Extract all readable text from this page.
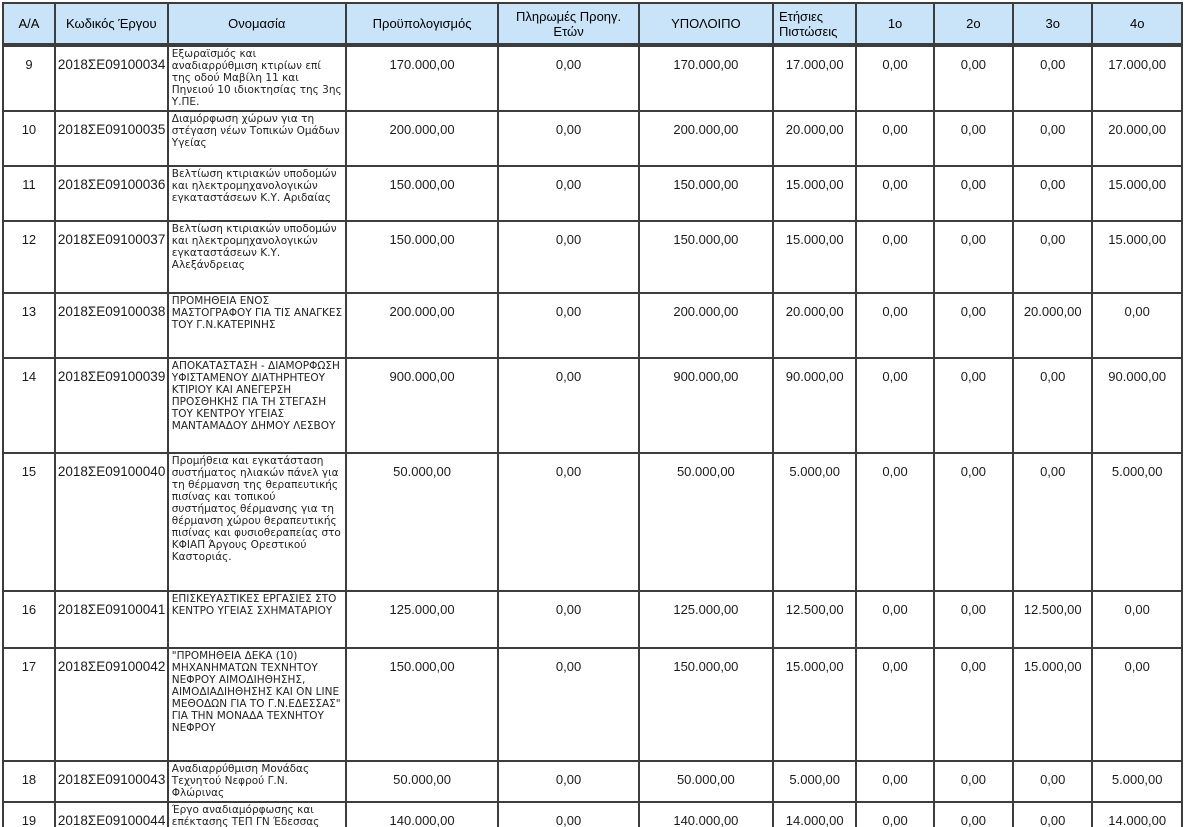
Α/Α	Κωδικός Έργου	Ονομασία	Προϋπολογισμός	Πληρωμές Προηγ. Ετών	ΥΠΟΛΟΙΠΟ	Ετήσιες Πιστώσεις	1ο	2ο	3ο	4ο
9	2018ΣΕ09100034	Εξωραϊσμός και αναδιαρρύθμιση κτιρίων επί της οδού Μαβίλη 11 και Πηνειού 10 ιδιοκτησίας της 3ης Υ.ΠΕ.	170.000,00	0,00	170.000,00	17.000,00	0,00	0,00	0,00	17.000,00
10	2018ΣΕ09100035	Διαμόρφωση χώρων για τη στέγαση νέων Τοπικών Ομάδων Υγείας	200.000,00	0,00	200.000,00	20.000,00	0,00	0,00	0,00	20.000,00
11	2018ΣΕ09100036	Βελτίωση κτιριακών υποδομών και ηλεκτρομηχανολογικών εγκαταστάσεων Κ.Υ. Αριδαίας	150.000,00	0,00	150.000,00	15.000,00	0,00	0,00	0,00	15.000,00
12	2018ΣΕ09100037	Βελτίωση κτιριακών υποδομών και ηλεκτρομηχανολογικών εγκαταστάσεων Κ.Υ. Αλεξάνδρειας	150.000,00	0,00	150.000,00	15.000,00	0,00	0,00	0,00	15.000,00
13	2018ΣΕ09100038	ΠΡΟΜΗΘΕΙΑ ΕΝΟΣ ΜΑΣΤΟΓΡΑΦΟΥ ΓΙΑ ΤΙΣ ΑΝΑΓΚΕΣ ΤΟΥ Γ.Ν.ΚΑΤΕΡΙΝΗΣ	200.000,00	0,00	200.000,00	20.000,00	0,00	0,00	20.000,00	0,00
14	2018ΣΕ09100039	ΑΠΟΚΑΤΑΣΤΑΣΗ - ΔΙΑΜΟΡΦΩΣΗ ΥΦΙΣΤΑΜΕΝΟΥ ΔΙΑΤΗΡΗΤΕΟΥ ΚΤΙΡΙΟΥ ΚΑΙ ΑΝΕΓΕΡΣΗ ΠΡΟΣΘΗΚΗΣ ΓΙΑ ΤΗ ΣΤΕΓΑΣΗ ΤΟΥ ΚΕΝΤΡΟΥ ΥΓΕΙΑΣ ΜΑΝΤΑΜΑΔΟΥ ΔΗΜΟΥ ΛΕΣΒΟΥ	900.000,00	0,00	900.000,00	90.000,00	0,00	0,00	0,00	90.000,00
15	2018ΣΕ09100040	Προμήθεια και εγκατάσταση συστήματος ηλιακών πάνελ για τη θέρμανση της θεραπευτικής πισίνας και τοπικού συστήματος θέρμανσης για τη θέρμανση χώρου θεραπευτικής πισίνας και φυσιοθεραπείας στο ΚΦΙΑΠ Άργους Ορεστικού Καστοριάς.	50.000,00	0,00	50.000,00	5.000,00	0,00	0,00	0,00	5.000,00
16	2018ΣΕ09100041	ΕΠΙΣΚΕΥΑΣΤΙΚΕΣ ΕΡΓΑΣΙΕΣ ΣΤΟ ΚΕΝΤΡΟ ΥΓΕΙΑΣ ΣΧΗΜΑΤΑΡΙΟΥ	125.000,00	0,00	125.000,00	12.500,00	0,00	0,00	12.500,00	0,00
17	2018ΣΕ09100042	"ΠΡΟΜΗΘΕΙΑ ΔΕΚΑ (10) ΜΗΧΑΝΗΜΑΤΩΝ ΤΕΧΝΗΤΟΥ ΝΕΦΡΟΥ ΑΙΜΟΔΙΗΘΗΣΗΣ, ΑΙΜΟΔΙΑΔΙΗΘΗΣΗΣ ΚΑΙ ΟΝ LINE ΜΕΘΟΔΩΝ ΓΙΑ ΤΟ Γ.Ν.ΕΔΕΣΣΑΣ" ΓΙΑ ΤΗΝ ΜΟΝΑΔΑ ΤΕΧΝΗΤΟΥ ΝΕΦΡΟΥ	150.000,00	0,00	150.000,00	15.000,00	0,00	0,00	15.000,00	0,00
18	2018ΣΕ09100043	Αναδιαρρύθμιση Μονάδας Τεχνητού Νεφρού Γ.Ν. Φλώρινας	50.000,00	0,00	50.000,00	5.000,00	0,00	0,00	0,00	5.000,00
19	2018ΣΕ09100044	Έργο αναδιαμόρφωσης και επέκτασης ΤΕΠ ΓΝ Έδεσσας	140.000,00	0,00	140.000,00	14.000,00	0,00	0,00	0,00	14.000,00
